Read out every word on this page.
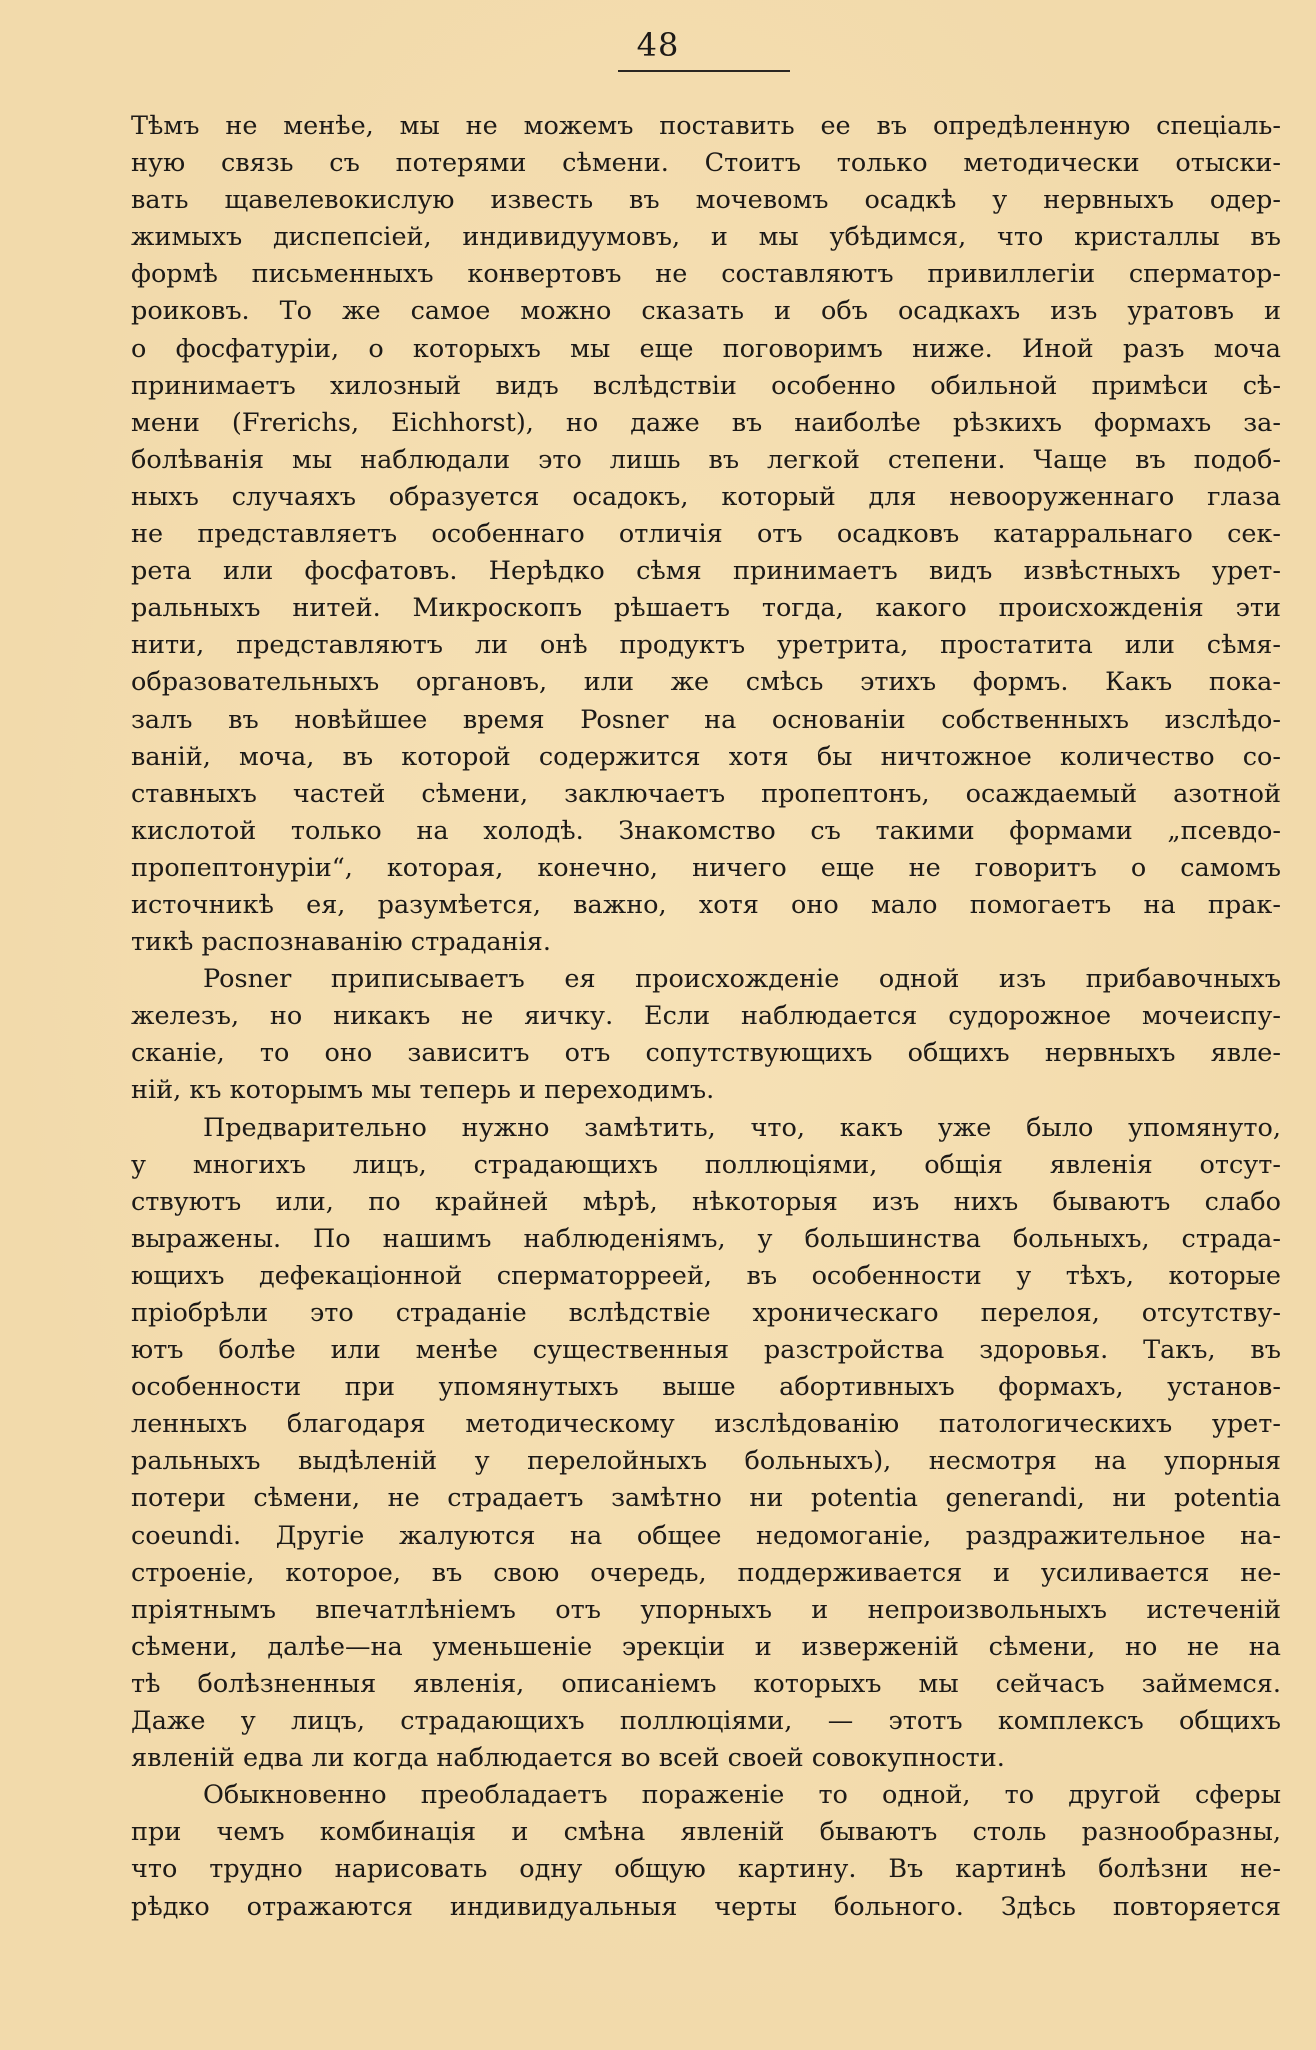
48
Тѣмъ не менѣе, мы не можемъ поставить ее въ опредѣленную спеціаль-
ную связь съ потерями сѣмени. Стоитъ только методически отыски-
вать щавелевокислую известь въ мочевомъ осадкѣ у нервныхъ одер-
жимыхъ диспепсіей, индивидуумовъ, и мы убѣдимся, что кристаллы въ
формѣ письменныхъ конвертовъ не составляютъ привиллегіи сперматор-
роиковъ. То же самое можно сказать и объ осадкахъ изъ уратовъ и
о фосфатуріи, о которыхъ мы еще поговоримъ ниже. Иной разъ моча
принимаетъ хилозный видъ вслѣдствіи особенно обильной примѣси сѣ-
мени (Frerichs, Eichhorst), но даже въ наиболѣе рѣзкихъ формахъ за-
болѣванія мы наблюдали это лишь въ легкой степени. Чаще въ подоб-
ныхъ случаяхъ образуется осадокъ, который для невооруженнаго глаза
не представляетъ особеннаго отличія отъ осадковъ катарральнаго сек-
рета или фосфатовъ. Нерѣдко сѣмя принимаетъ видъ извѣстныхъ урет-
ральныхъ нитей. Микроскопъ рѣшаетъ тогда, какого происхожденія эти
нити, представляютъ ли онѣ продуктъ уретрита, простатита или сѣмя-
образовательныхъ органовъ, или же смѣсь этихъ формъ. Какъ пока-
залъ въ новѣйшее время Posner на основаніи собственныхъ изслѣдо-
ваній, моча, въ которой содержится хотя бы ничтожное количество со-
ставныхъ частей сѣмени, заключаетъ пропептонъ, осаждаемый азотной
кислотой только на холодѣ. Знакомство съ такими формами „псевдо-
пропептонуріи“, которая, конечно, ничего еще не говоритъ о самомъ
источникѣ ея, разумѣется, важно, хотя оно мало помогаетъ на прак-
тикѣ распознаванію страданія.
Posner приписываетъ ея происхожденіе одной изъ прибавочныхъ
железъ, но никакъ не яичку. Если наблюдается судорожное мочеиспу-
сканіе, то оно зависитъ отъ сопутствующихъ общихъ нервныхъ явле-
ній, къ которымъ мы теперь и переходимъ.
Предварительно нужно замѣтить, что, какъ уже было упомянуто,
у многихъ лицъ, страдающихъ поллюціями, общія явленія отсут-
ствуютъ или, по крайней мѣрѣ, нѣкоторыя изъ нихъ бываютъ слабо
выражены. По нашимъ наблюденіямъ, у большинства больныхъ, страда-
ющихъ дефекаціонной сперматорреей, въ особенности у тѣхъ, которые
пріобрѣли это страданіе вслѣдствіе хроническаго перелоя, отсутству-
ютъ болѣе или менѣе существенныя разстройства здоровья. Такъ, въ
особенности при упомянутыхъ выше абортивныхъ формахъ, установ-
ленныхъ благодаря методическому изслѣдованію патологическихъ урет-
ральныхъ выдѣленій у перелойныхъ больныхъ), несмотря на упорныя
потери сѣмени, не страдаетъ замѣтно ни potentia generandi, ни potentia
coeundi. Другіе жалуются на общее недомоганіе, раздражительное на-
строеніе, которое, въ свою очередь, поддерживается и усиливается не-
пріятнымъ впечатлѣніемъ отъ упорныхъ и непроизвольныхъ истеченій
сѣмени, далѣе—на уменьшеніе эрекціи и изверженій сѣмени, но не на
тѣ болѣзненныя явленія, описаніемъ которыхъ мы сейчасъ займемся.
Даже у лицъ, страдающихъ поллюціями, — этотъ комплексъ общихъ
явленій едва ли когда наблюдается во всей своей совокупности.
Обыкновенно преобладаетъ пораженіе то одной, то другой сферы
при чемъ комбинація и смѣна явленій бываютъ столь разнообразны,
что трудно нарисовать одну общую картину. Въ картинѣ болѣзни не-
рѣдко отражаются индивидуальныя черты больного. Здѣсь повторяется
